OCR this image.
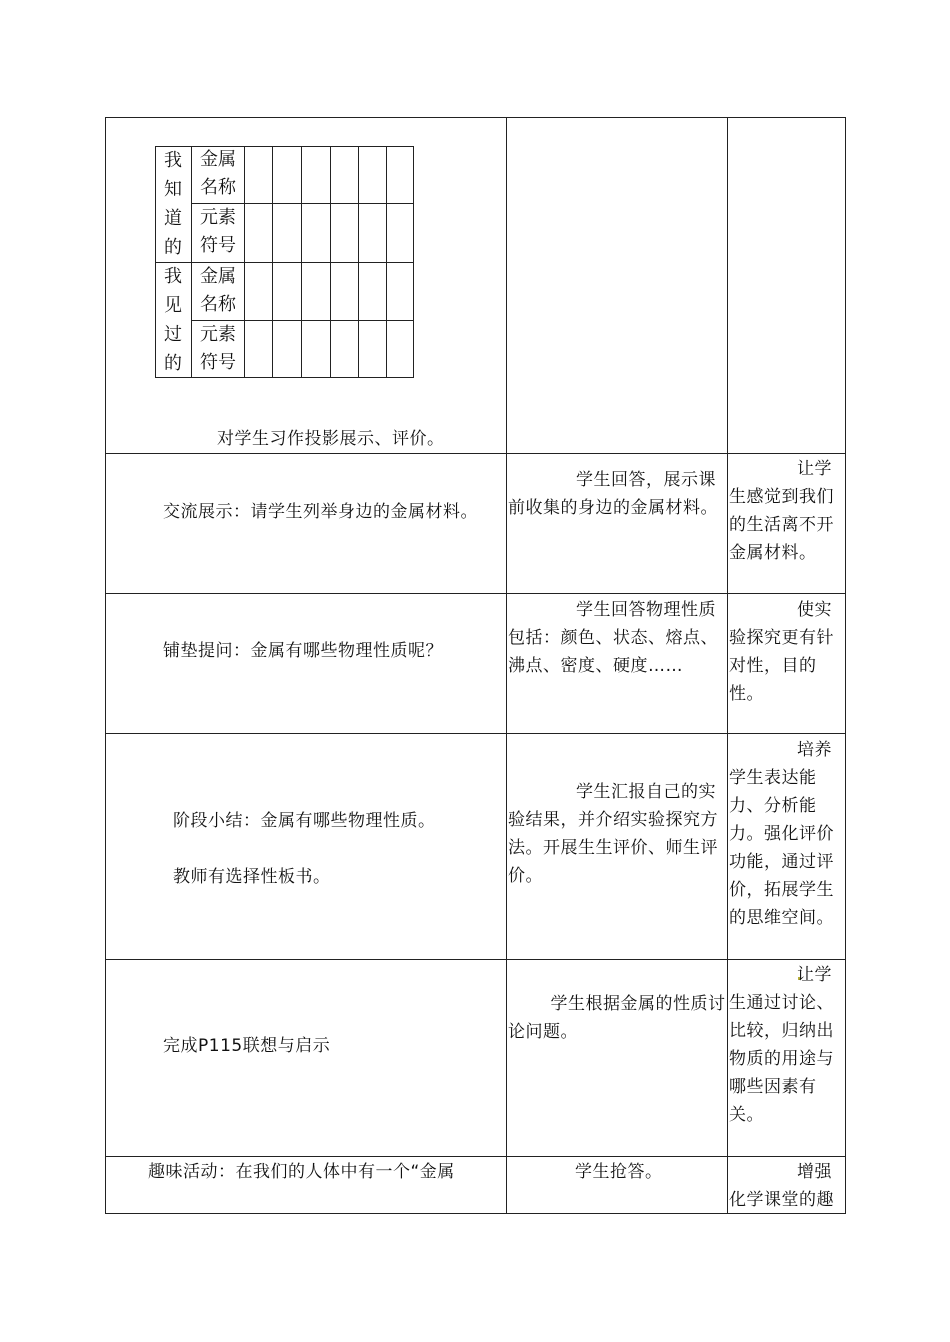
我
知
道
的
我
见
过
的
金属
名称
元素
符号
金属
名称
元素
符号

对学生习作投影展示、评价。

交流展示：请学生列举身边的金属材料。

学生回答，展示课前收集的身边的金属材料。

让学生感觉到我们的生活离不开金属材料。

铺垫提问：金属有哪些物理性质呢？

学生回答物理性质包括：颜色、状态、熔点、沸点、密度、硬度……

使实验探究更有针对性，目的性。

阶段小结：金属有哪些物理性质。

教师有选择性板书。

学生汇报自己的实验结果，并介绍实验探究方法。开展生生评价、师生评价。

培养学生表达能力、分析能力。强化评价功能，通过评价，拓展学生的思维空间。

完成P115联想与启示

学生根据金属的性质讨论问题。

让学生通过讨论、比较，归纳出物质的用途与哪些因素有关。

趣味活动：在我们的人体中有一个“金属	学生抢答。	增强化学课堂的趣
